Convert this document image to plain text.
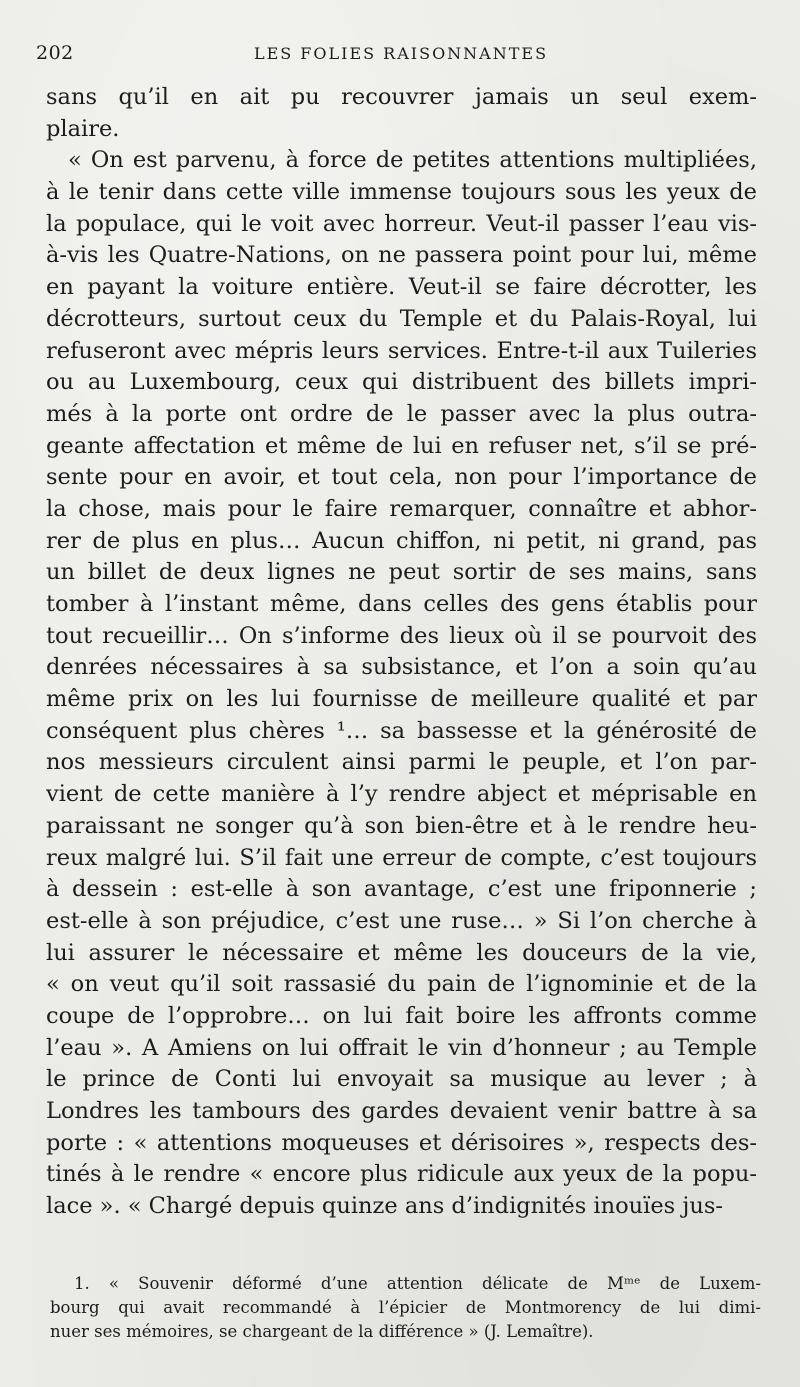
202	LES FOLIES RAISONNANTES
sans qu’il en ait pu recouvrer jamais un seul exem-
plaire.
« On est parvenu, à force de petites attentions multipliées,
à le tenir dans cette ville immense toujours sous les yeux de
la populace, qui le voit avec horreur. Veut-il passer l’eau vis-
à-vis les Quatre-Nations, on ne passera point pour lui, même
en payant la voiture entière. Veut-il se faire décrotter, les
décrotteurs, surtout ceux du Temple et du Palais-Royal, lui
refuseront avec mépris leurs services. Entre-t-il aux Tuileries
ou au Luxembourg, ceux qui distribuent des billets impri-
més à la porte ont ordre de le passer avec la plus outra-
geante affectation et même de lui en refuser net, s’il se pré-
sente pour en avoir, et tout cela, non pour l’importance de
la chose, mais pour le faire remarquer, connaître et abhor-
rer de plus en plus… Aucun chiffon, ni petit, ni grand, pas
un billet de deux lignes ne peut sortir de ses mains, sans
tomber à l’instant même, dans celles des gens établis pour
tout recueillir… On s’informe des lieux où il se pourvoit des
denrées nécessaires à sa subsistance, et l’on a soin qu’au
même prix on les lui fournisse de meilleure qualité et par
conséquent plus chères ¹… sa bassesse et la générosité de
nos messieurs circulent ainsi parmi le peuple, et l’on par-
vient de cette manière à l’y rendre abject et méprisable en
paraissant ne songer qu’à son bien-être et à le rendre heu-
reux malgré lui. S’il fait une erreur de compte, c’est toujours
à dessein : est-elle à son avantage, c’est une friponnerie ;
est-elle à son préjudice, c’est une ruse… » Si l’on cherche à
lui assurer le nécessaire et même les douceurs de la vie,
« on veut qu’il soit rassasié du pain de l’ignominie et de la
coupe de l’opprobre… on lui fait boire les affronts comme
l’eau ». A Amiens on lui offrait le vin d’honneur ; au Temple
le prince de Conti lui envoyait sa musique au lever ; à
Londres les tambours des gardes devaient venir battre à sa
porte : « attentions moqueuses et dérisoires », respects des-
tinés à le rendre « encore plus ridicule aux yeux de la popu-
lace ». « Chargé depuis quinze ans d’indignités inouïes jus-
1. « Souvenir déformé d’une attention délicate de Mᵐᵉ de Luxem-
bourg qui avait recommandé à l’épicier de Montmorency de lui dimi-
nuer ses mémoires, se chargeant de la différence » (J. Lemaître).
